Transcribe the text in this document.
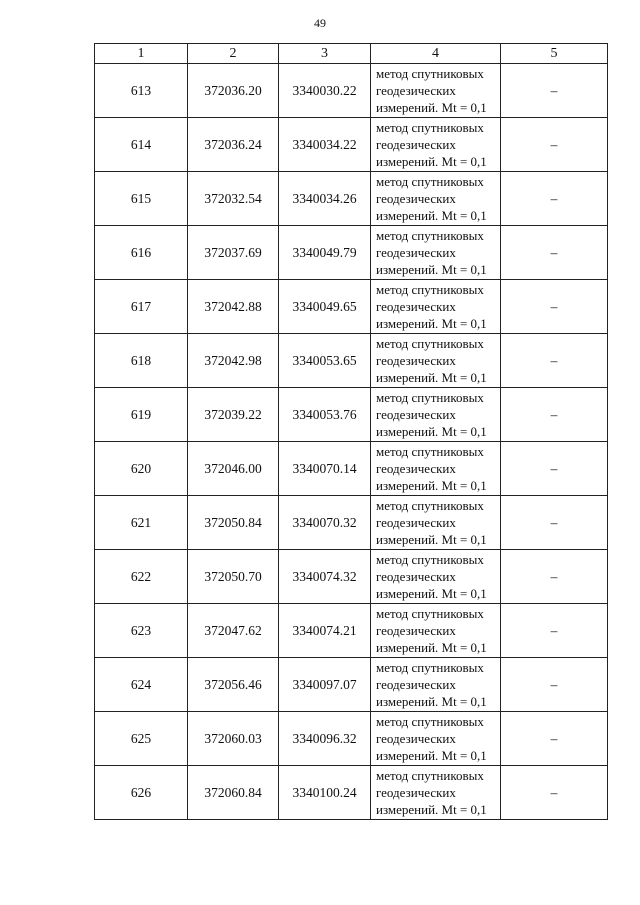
49
1	2	3	4	5
613	372036.20	3340030.22	метод спутниковых
геодезических
измерений. Mt = 0,1	–
614	372036.24	3340034.22	метод спутниковых
геодезических
измерений. Mt = 0,1	–
615	372032.54	3340034.26	метод спутниковых
геодезических
измерений. Mt = 0,1	–
616	372037.69	3340049.79	метод спутниковых
геодезических
измерений. Mt = 0,1	–
617	372042.88	3340049.65	метод спутниковых
геодезических
измерений. Mt = 0,1	–
618	372042.98	3340053.65	метод спутниковых
геодезических
измерений. Mt = 0,1	–
619	372039.22	3340053.76	метод спутниковых
геодезических
измерений. Mt = 0,1	–
620	372046.00	3340070.14	метод спутниковых
геодезических
измерений. Mt = 0,1	–
621	372050.84	3340070.32	метод спутниковых
геодезических
измерений. Mt = 0,1	–
622	372050.70	3340074.32	метод спутниковых
геодезических
измерений. Mt = 0,1	–
623	372047.62	3340074.21	метод спутниковых
геодезических
измерений. Mt = 0,1	–
624	372056.46	3340097.07	метод спутниковых
геодезических
измерений. Mt = 0,1	–
625	372060.03	3340096.32	метод спутниковых
геодезических
измерений. Mt = 0,1	–
626	372060.84	3340100.24	метод спутниковых
геодезических
измерений. Mt = 0,1	–
